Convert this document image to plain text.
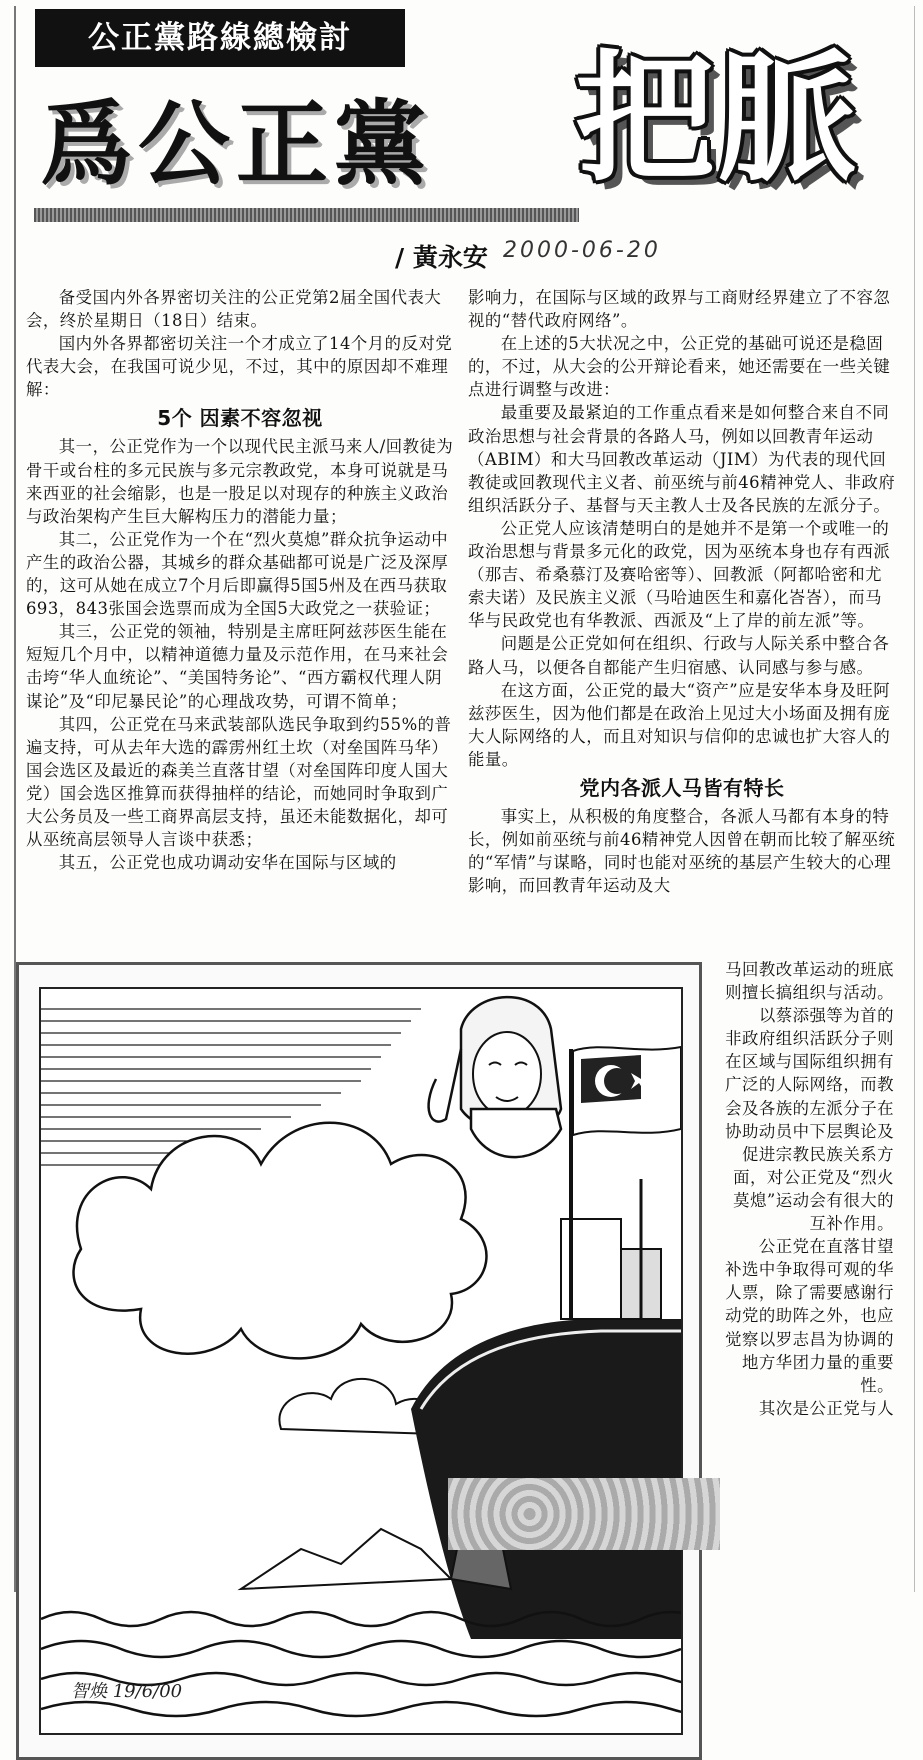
公正黨路線總檢討
爲公正黨 把脈
/ 黃永安 2000-06-20

备受国内外各界密切关注的公正党第2届全国代表大会，终於星期日（18日）结束。

国内外各界都密切关注一个才成立了14个月的反对党代表大会，在我国可说少见，不过，其中的原因却不难理解：

5个 因素不容忽视

其一，公正党作为一个以现代民主派马来人/回教徒为骨干或台柱的多元民族与多元宗教政党，本身可说就是马来西亚的社会缩影，也是一股足以对现存的种族主义政治与政治架构产生巨大解构压力的潜能力量；

其二，公正党作为一个在“烈火莫熄”群众抗争运动中产生的政治公器，其城乡的群众基础都可说是广泛及深厚的，这可从她在成立7个月后即赢得5国5州及在西马获取693，843张国会选票而成为全国5大政党之一获验证；

其三，公正党的领袖，特别是主席旺阿兹莎医生能在短短几个月中，以精神道德力量及示范作用，在马来社会击垮“华人血统论”、“美国特务论”、“西方霸权代理人阴谋论”及“印尼暴民论”的心理战攻势，可谓不简单；

其四，公正党在马来武装部队选民争取到约55%的普遍支持，可从去年大选的霹雳州红土坎（对垒国阵马华）国会选区及最近的森美兰直落甘望（对垒国阵印度人国大党）国会选区推算而获得抽样的结论，而她同时争取到广大公务员及一些工商界高层支持，虽还未能数据化，却可从巫统高层领导人言谈中获悉；

其五，公正党也成功调动安华在国际与区域的

影响力，在国际与区域的政界与工商财经界建立了不容忽视的“替代政府网络”。

在上述的5大状况之中，公正党的基础可说还是稳固的，不过，从大会的公开辩论看来，她还需要在一些关键点进行调整与改进：

最重要及最紧迫的工作重点看来是如何整合来自不同政治思想与社会背景的各路人马，例如以回教青年运动（ABIM）和大马回教改革运动（JIM）为代表的现代回教徒或回教现代主义者、前巫统与前46精神党人、非政府组织活跃分子、基督与天主教人士及各民族的左派分子。

公正党人应该清楚明白的是她并不是第一个或唯一的政治思想与背景多元化的政党，因为巫统本身也存有西派（那吉、希桑慕汀及赛哈密等）、回教派（阿都哈密和尤索夫诺）及民族主义派（马哈迪医生和嘉化峇峇），而马华与民政党也有华教派、西派及“上了岸的前左派”等。

问题是公正党如何在组织、行政与人际关系中整合各路人马，以便各自都能产生归宿感、认同感与参与感。

在这方面，公正党的最大“资产”应是安华本身及旺阿兹莎医生，因为他们都是在政治上见过大小场面及拥有庞大人际网络的人，而且对知识与信仰的忠诚也扩大容人的能量。

党内各派人马皆有特长

事实上，从积极的角度整合，各派人马都有本身的特长，例如前巫统与前46精神党人因曾在朝而比较了解巫统的“军情”与谋略，同时也能对巫统的基层产生较大的心理影响，而回教青年运动及大

马回教改革运动的班底则擅长搞组织与活动。

以蔡添强等为首的非政府组织活跃分子则在区域与国际组织拥有广泛的人际网络，而教会及各族的左派分子在协助动员中下层舆论及促进宗教民族关系方面，对公正党及“烈火莫熄”运动会有很大的互补作用。

公正党在直落甘望补选中争取得可观的华人票，除了需要感谢行动党的助阵之外，也应觉察以罗志昌为协调的地方华团力量的重要性。

其次是公正党与人

智焕 19/6/00
